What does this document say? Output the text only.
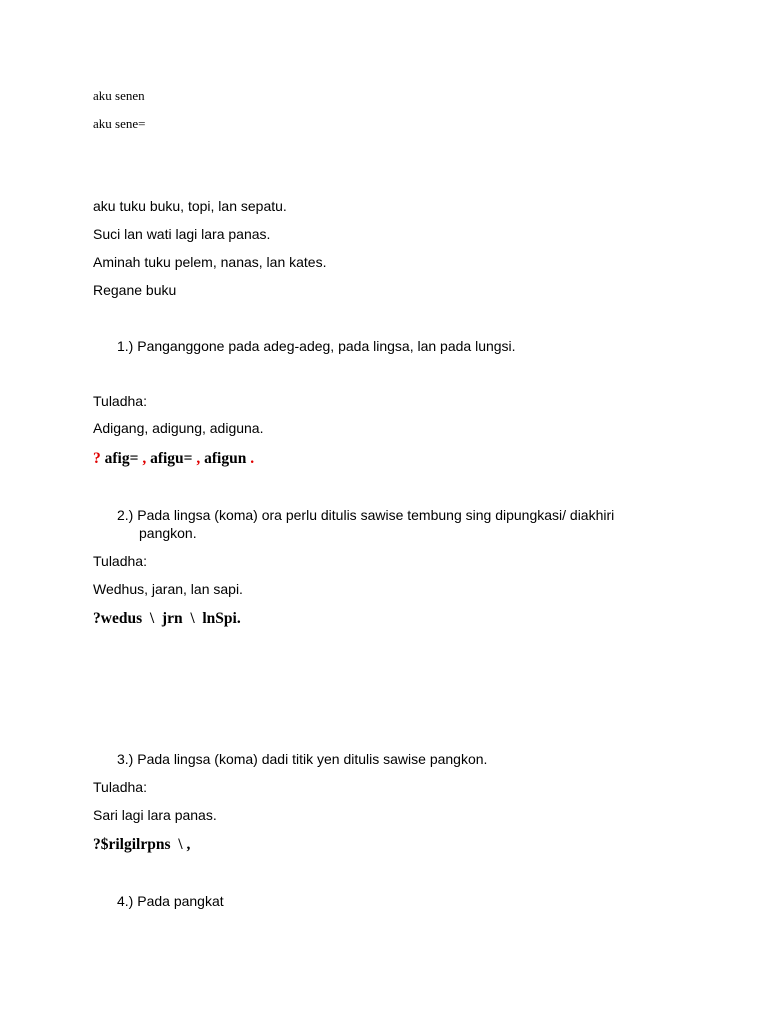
aku senen

aku sene=

aku tuku buku, topi, lan sepatu.

Suci lan wati lagi lara panas.

Aminah tuku pelem, nanas, lan kates.

Regane buku

1.) Panganggone pada adeg-adeg, pada lingsa, lan pada lungsi.

Tuladha:

Adigang, adigung, adiguna.

? afig= , afigu= , afigun .

2.) Pada lingsa (koma) ora perlu ditulis sawise tembung sing dipungkasi/ diakhiri

pangkon.

Tuladha:

Wedhus, jaran, lan sapi.

?wedus  \  jrn  \  lnSpi.

3.) Pada lingsa (koma) dadi titik yen ditulis sawise pangkon.

Tuladha:

Sari lagi lara panas.

?$rilgilrpns  \ ,

4.) Pada pangkat
